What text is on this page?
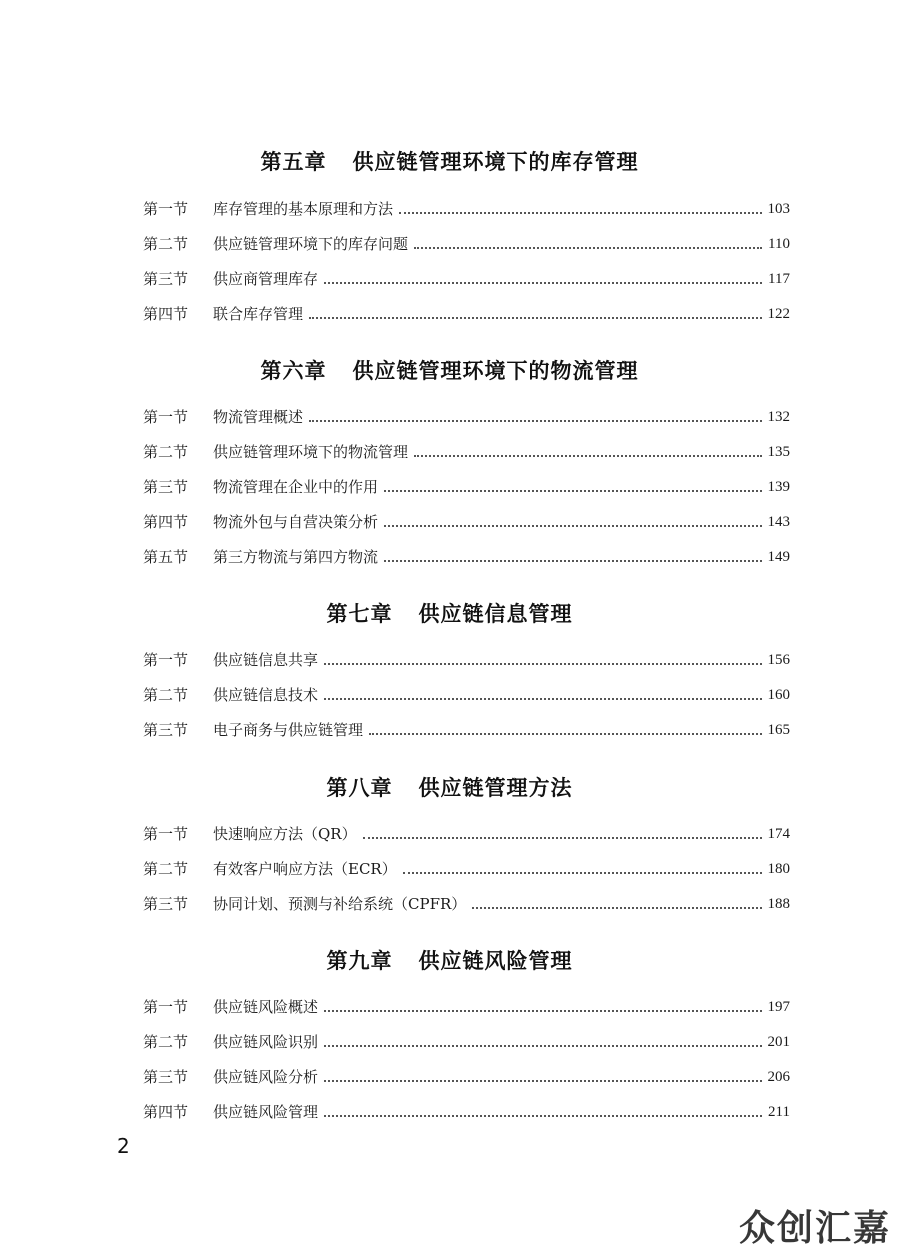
第五章 供应链管理环境下的库存管理
第一节	库存管理的基本原理和方法	103
第二节	供应链管理环境下的库存问题	110
第三节	供应商管理库存	117
第四节	联合库存管理	122
第六章 供应链管理环境下的物流管理
第一节	物流管理概述	132
第二节	供应链管理环境下的物流管理	135
第三节	物流管理在企业中的作用	139
第四节	物流外包与自营决策分析	143
第五节	第三方物流与第四方物流	149
第七章 供应链信息管理
第一节	供应链信息共享	156
第二节	供应链信息技术	160
第三节	电子商务与供应链管理	165
第八章 供应链管理方法
第一节	快速响应方法（QR）	174
第二节	有效客户响应方法（ECR）	180
第三节	协同计划、预测与补给系统（CPFR）	188
第九章 供应链风险管理
第一节	供应链风险概述	197
第二节	供应链风险识别	201
第三节	供应链风险分析	206
第四节	供应链风险管理	211
2
众创汇嘉
